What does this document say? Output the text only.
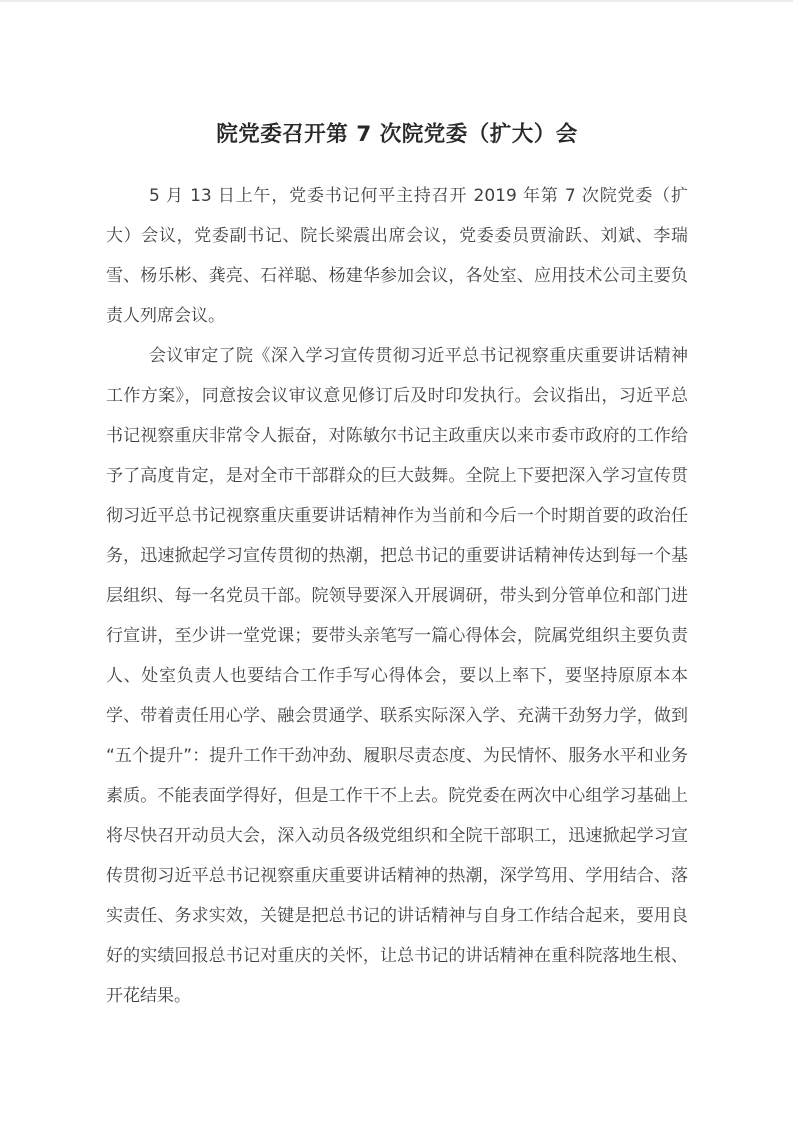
院党委召开第 7 次院党委（扩大）会

5 月 13 日上午，党委书记何平主持召开 2019 年第 7 次院党委（扩大）会议，党委副书记、院长梁震出席会议，党委委员贾渝跃、刘斌、李瑞雪、杨乐彬、龚亮、石祥聪、杨建华参加会议，各处室、应用技术公司主要负责人列席会议。

会议审定了院《深入学习宣传贯彻习近平总书记视察重庆重要讲话精神工作方案》，同意按会议审议意见修订后及时印发执行。会议指出，习近平总书记视察重庆非常令人振奋，对陈敏尔书记主政重庆以来市委市政府的工作给予了高度肯定，是对全市干部群众的巨大鼓舞。全院上下要把深入学习宣传贯彻习近平总书记视察重庆重要讲话精神作为当前和今后一个时期首要的政治任务，迅速掀起学习宣传贯彻的热潮，把总书记的重要讲话精神传达到每一个基层组织、每一名党员干部。院领导要深入开展调研，带头到分管单位和部门进行宣讲，至少讲一堂党课；要带头亲笔写一篇心得体会，院属党组织主要负责人、处室负责人也要结合工作手写心得体会，要以上率下，要坚持原原本本学、带着责任用心学、融会贯通学、联系实际深入学、充满干劲努力学，做到“五个提升”：提升工作干劲冲劲、履职尽责态度、为民情怀、服务水平和业务素质。不能表面学得好，但是工作干不上去。院党委在两次中心组学习基础上将尽快召开动员大会，深入动员各级党组织和全院干部职工，迅速掀起学习宣传贯彻习近平总书记视察重庆重要讲话精神的热潮，深学笃用、学用结合、落实责任、务求实效，关键是把总书记的讲话精神与自身工作结合起来，要用良好的实绩回报总书记对重庆的关怀，让总书记的讲话精神在重科院落地生根、开花结果。
